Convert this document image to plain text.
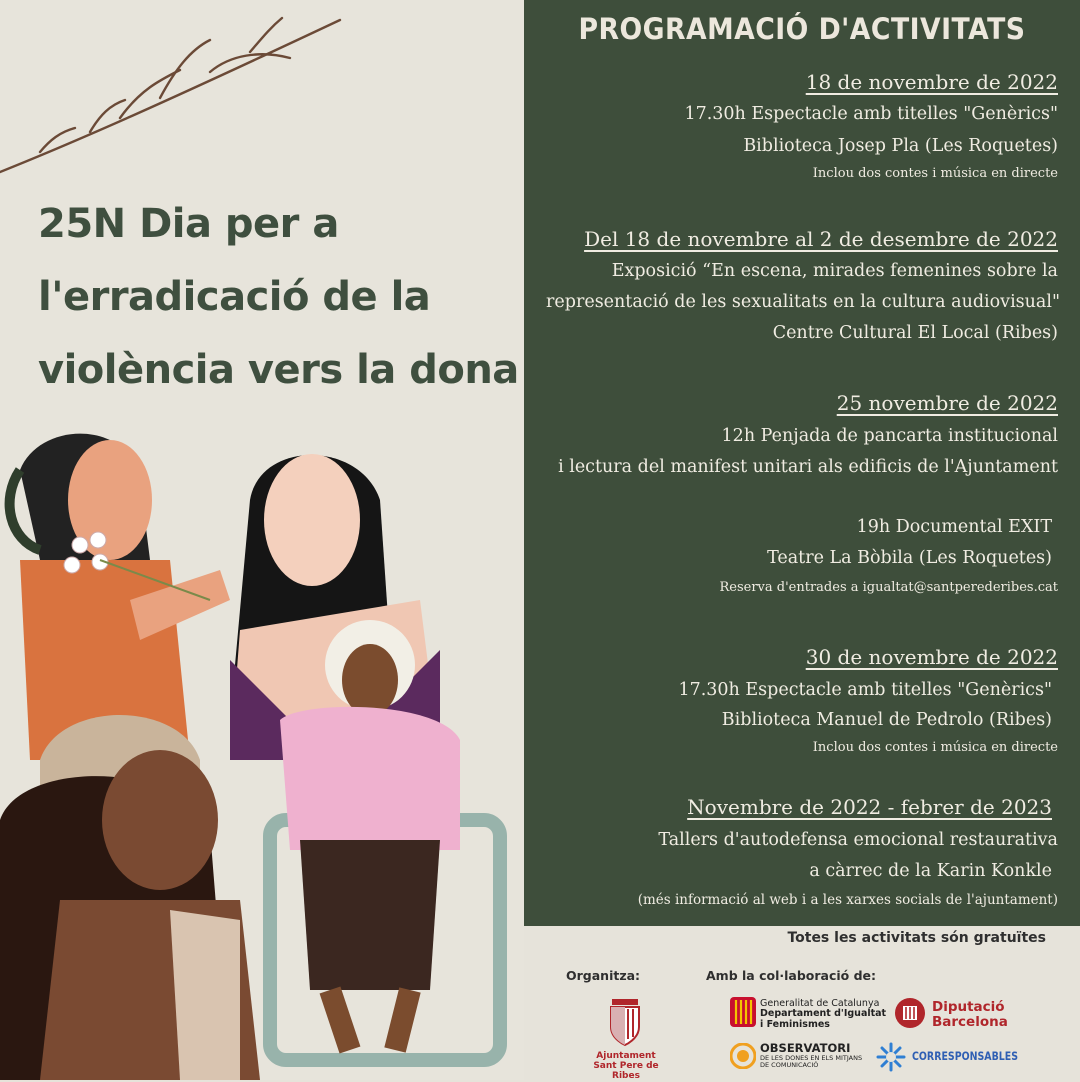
25N Dia per a
l'erradicació de la
violència vers la dona
PROGRAMACIÓ D'ACTIVITATS
18 de novembre de 2022
17.30h Espectacle amb titelles "Genèrics"
Biblioteca Josep Pla (Les Roquetes)
Inclou dos contes i música en directe
Del 18 de novembre al 2 de desembre de 2022
Exposició “En escena, mirades femenines sobre la
representació de les sexualitats en la cultura audiovisual"
Centre Cultural El Local (Ribes)
25 novembre de 2022
12h Penjada de pancarta institucional
i lectura del manifest unitari als edificis de l'Ajuntament
19h Documental EXIT
Teatre La Bòbila (Les Roquetes)
Reserva d'entrades a igualtat@santperederibes.cat
30 de novembre de 2022
17.30h Espectacle amb titelles "Genèrics"
Biblioteca Manuel de Pedrolo (Ribes)
Inclou dos contes i música en directe
Novembre de 2022 - febrer de 2023
Tallers d'autodefensa emocional restaurativa
a càrrec de la Karin Konkle
(més informació al web i a les xarxes socials de l'ajuntament)
Totes les activitats són gratuïtes
Organitza:	Amb la col·laboració de:
Ajuntament
Sant Pere de Ribes
Generalitat de Catalunya
Departament d'Igualtat
i Feminismes
Diputació
Barcelona
OBSERVATORI
DE LES DONES EN ELS MITJANS
DE COMUNICACIÓ
CORRESPONSABLES
